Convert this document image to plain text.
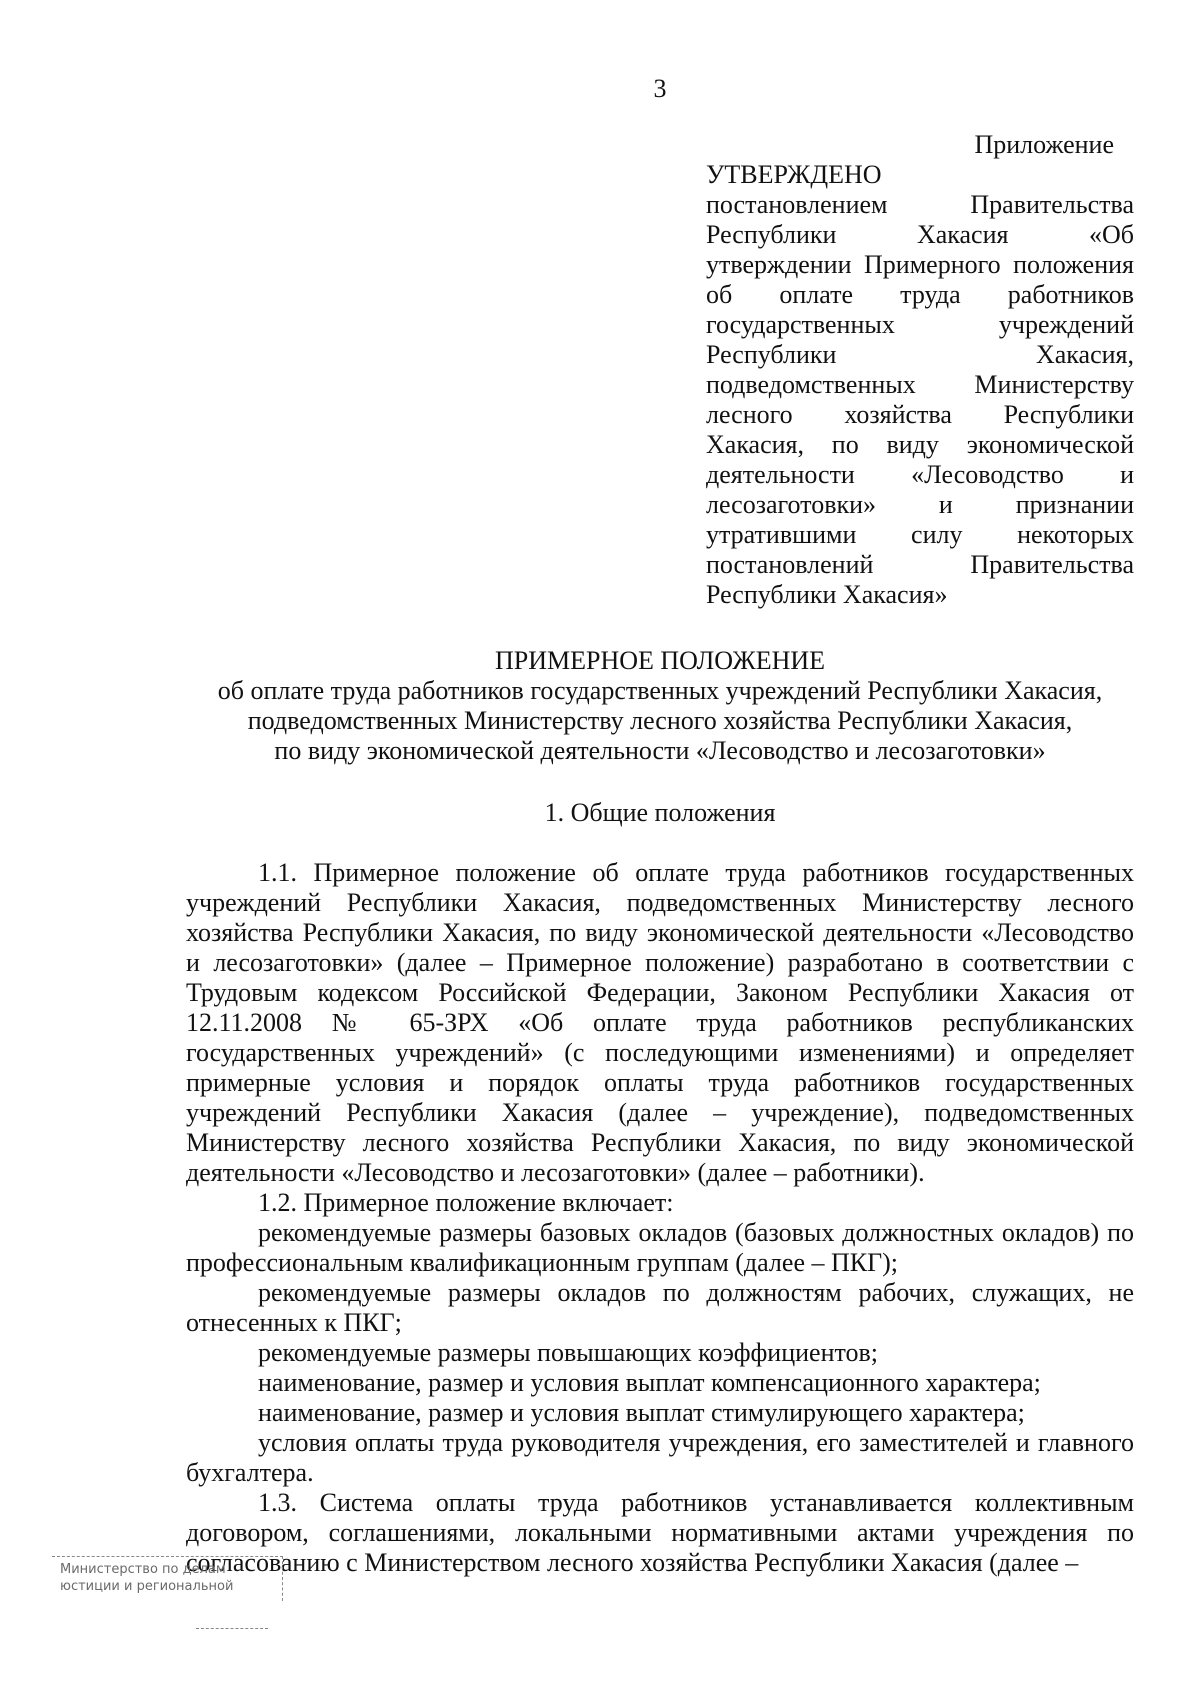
3
Приложение
УТВЕРЖДЕНО
постановлением Правительства Республики Хакасия «Об утверждении Примерного положения об оплате труда работников государственных учреждений Республики Хакасия, подведомственных Министерству лесного хозяйства Республики Хакасия, по виду экономической деятельности «Лесоводство и лесозаготовки» и признании утратившими силу некоторых постановлений Правительства Республики Хакасия»
ПРИМЕРНОЕ ПОЛОЖЕНИЕ
об оплате труда работников государственных учреждений Республики Хакасия,
подведомственных Министерству лесного хозяйства Республики Хакасия,
по виду экономической деятельности «Лесоводство и лесозаготовки»
1. Общие положения

1.1. Примерное положение об оплате труда работников государственных учреждений Республики Хакасия, подведомственных Министерству лесного хозяйства Республики Хакасия, по виду экономической деятельности «Лесоводство и лесозаготовки» (далее – Примерное положение) разработано в соответствии с Трудовым кодексом Российской Федерации, Законом Республики Хакасия от 12.11.2008 № 65-ЗРХ «Об оплате труда работников республиканских государственных учреждений» (с последующими изменениями) и определяет примерные условия и порядок оплаты труда работников государственных учреждений Республики Хакасия (далее – учреждение), подведомственных Министерству лесного хозяйства Республики Хакасия, по виду экономической деятельности «Лесоводство и лесозаготовки» (далее – работники).

1.2. Примерное положение включает:

рекомендуемые размеры базовых окладов (базовых должностных окладов) по профессиональным квалификационным группам (далее – ПКГ);

рекомендуемые размеры окладов по должностям рабочих, служащих, не отнесенных к ПКГ;

рекомендуемые размеры повышающих коэффициентов;

наименование, размер и условия выплат компенсационного характера;

наименование, размер и условия выплат стимулирующего характера;

условия оплаты труда руководителя учреждения, его заместителей и главного бухгалтера.

1.3. Система оплаты труда работников устанавливается коллективным договором, соглашениями, локальными нормативными актами учреждения по согласованию с Министерством лесного хозяйства Республики Хакасия (далее –

Министерство по делам
юстиции и региональной
